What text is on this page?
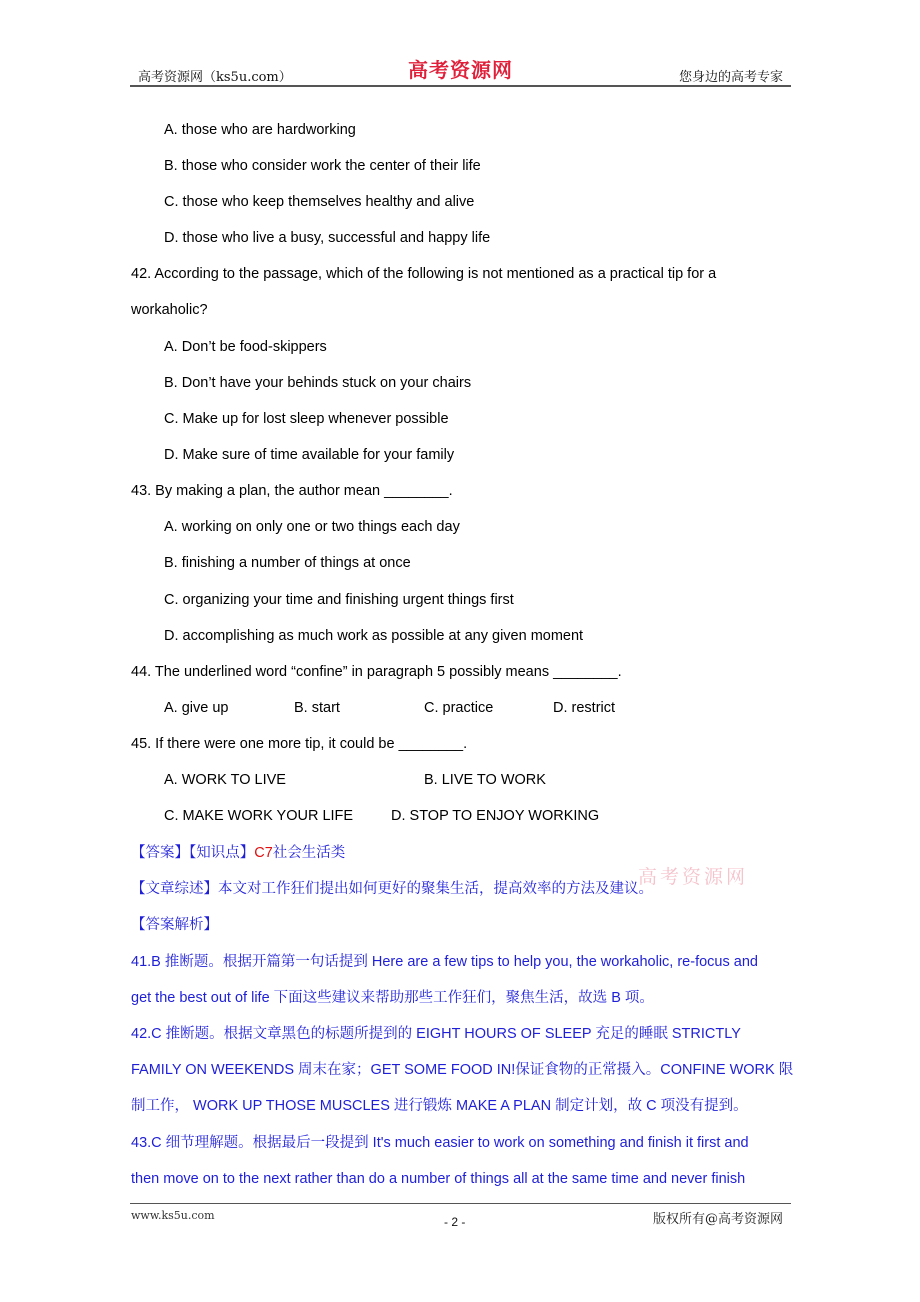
高考资源网（ks5u.com）	高考资源网	您身边的高考专家
A. those who are hardworking
B. those who consider work the center of their life
C. those who keep themselves healthy and alive
D. those who live a busy, successful and happy life
42. According to the passage, which of the following is not mentioned as a practical tip for a
workaholic?
A. Don’t be food-skippers
B. Don’t have your behinds stuck on your chairs
C. Make up for lost sleep whenever possible
D. Make sure of time available for your family
43. By making a plan, the author mean ________.
A. working on only one or two things each day
B. finishing a number of things at once
C. organizing your time and finishing urgent things first
D. accomplishing as much work as possible at any given moment
44. The underlined word “confine” in paragraph 5 possibly means ________.
A. give up	B. start	C. practice	D. restrict
45. If there were one more tip, it could be ________.
A. WORK TO LIVE	B. LIVE TO WORK
C. MAKE WORK YOUR LIFE	D. STOP TO ENJOY WORKING
【答案】【知识点】C7社会生活类
【文章综述】本文对工作狂们提出如何更好的聚集生活，提高效率的方法及建议。
高考资源网
【答案解析】
41.B 推断题。根据开篇第一句话提到 Here are a few tips to help you, the workaholic, re-focus and
get the best out of life 下面这些建议来帮助那些工作狂们，聚焦生活，故选 B 项。
42.C 推断题。根据文章黑色的标题所提到的 EIGHT HOURS OF SLEEP 充足的睡眠 STRICTLY
FAMILY ON WEEKENDS 周末在家；GET SOME FOOD IN!保证食物的正常摄入。CONFINE WORK 限
制工作， WORK UP THOSE MUSCLES 进行锻炼 MAKE A PLAN 制定计划，故 C 项没有提到。
43.C 细节理解题。根据最后一段提到 It's much easier to work on something and finish it first and
then move on to the next rather than do a number of things all at the same time and never finish
www.ks5u.com	- 2 -	版权所有@高考资源网
